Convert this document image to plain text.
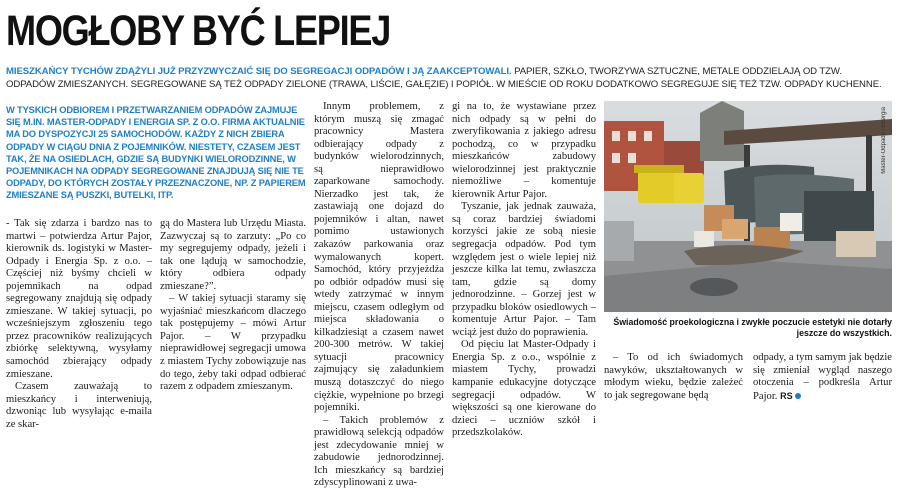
MOGŁOBY BYĆ LEPIEJ
MIESZKAŃCY TYCHÓW ZDĄŻYLI JUŻ PRZYZWYCZAIĆ SIĘ DO SEGREGACJI ODPADÓW I JĄ ZAAKCEPTOWALI. PAPIER, SZKŁO, TWORZYWA SZTUCZNE, METALE ODDZIELAJĄ OD TZW. ODPADÓW ZMIESZANYCH. SEGREGOWANE SĄ TEŻ ODPADY ZIELONE (TRAWA, LIŚCIE, GAŁĘZIE) I POPIÓŁ. W MIEŚCIE OD ROKU DODATKOWO SEGREGUJE SIĘ TEŻ TZW. ODPADY KUCHENNE.
W TYSKICH ODBIOREM I PRZETWARZANIEM ODPADÓW ZAJMUJE SIĘ M.IN. MASTER-ODPADY I ENERGIA SP. Z O.O. FIRMA AKTUALNIE MA DO DYSPOZYCJI 25 SAMOCHODÓW. KAŻDY Z NICH ZBIERA ODPADY W CIĄGU DNIA Z POJEMNIKÓW. NIESTETY, CZASEM JEST TAK, ŻE NA OSIEDLACH, GDZIE SĄ BUDYNKI WIELORODZINNE, W POJEMNIKACH NA ODPADY SEGREGOWANE ZNAJDUJĄ SIĘ NIE TE ODPADY, DO KTÓRYCH ZOSTAŁY PRZEZNACZONE, NP. Z PAPIEREM ZMIESZANE SĄ PUSZKI, BUTELKI, ITP.

- Tak się zdarza i bardzo nas to martwi – potwierdza Artur Pajor, kierownik ds. logistyki w Master-Odpady i Energia Sp. z o.o. – Częściej niż byśmy chcieli w pojemnikach na odpad segregowany znajdują się odpady zmieszane. W takiej sytuacji, po wcześniejszym zgłoszeniu tego przez pracowników realizujących zbiórkę selektywną, wysyłamy samochód zbierający odpady zmieszane.

Czasem zauważają to mieszkańcy i interweniują, dzwoniąc lub wysyłając e-maila ze skar-

gą do Mastera lub Urzędu Miasta. Zazwyczaj są to zarzuty: „Po co my segregujemy odpady, jeżeli i tak one lądują w samochodzie, który odbiera odpady zmieszane?”.

– W takiej sytuacji staramy się wyjaśniać mieszkańcom dlaczego tak postępujemy – mówi Artur Pajor. – W przypadku nieprawidłowej segregacji umowa z miastem Tychy zobowiązuje nas do tego, żeby taki odpad odbierać razem z odpadem zmieszanym.

Innym problemem, z którym muszą się zmagać pracownicy Mastera odbierający odpady z budynków wielorodzinnych, są nieprawidłowo zaparkowane samochody. Nierzadko jest tak, że zastawiają one dojazd do pojemników i altan, nawet pomimo ustawionych zakazów parkowania oraz wymalowanych kopert. Samochód, który przyjeżdża po odbiór odpadów musi się wtedy zatrzymać w innym miejscu, czasem odległym od miejsca składowania o kilkadziesiąt a czasem nawet 200-300 metrów. W takiej sytuacji pracownicy zajmujący się załadunkiem muszą dotaszczyć do niego ciężkie, wypełnione po brzegi pojemniki.

– Takich problemów z prawidłową selekcją odpadów jest zdecydowanie mniej w zabudowie jednorodzinnej. Ich mieszkańcy są bardziej zdyscyplinowani z uwa-

gi na to, że wystawiane przez nich odpady są w pełni do zweryfikowania z jakiego adresu pochodzą, co w przypadku mieszkańców zabudowy wielorodzinnej jest praktycznie niemożliwe – komentuje kierownik Artur Pajor.

Tyszanie, jak jednak zauważa, są coraz bardziej świadomi korzyści jakie ze sobą niesie segregacja odpadów. Pod tym względem jest o wiele lepiej niż jeszcze kilka lat temu, zwłaszcza tam, gdzie są domy jednorodzinne. – Gorzej jest w przypadku bloków osiedlowych – komentuje Artur Pajor. – Tam wciąż jest dużo do poprawienia.

Od pięciu lat Master-Odpady i Energia Sp. z o.o., wspólnie z miastem Tychy, prowadzi kampanie edukacyjne dotyczące segregacji odpadów. W większości są one kierowane do dzieci – uczniów szkół i przedszkolaków.

Master-Odpady i Energia
Świadomość proekologiczna i zwykłe poczucie estetyki nie dotarły jeszcze do wszystkich.

– To od ich świadomych nawyków, ukształtowanych w młodym wieku, będzie zależeć to jak segregowane będą

odpady, a tym samym jak będzie się zmieniał wygląd naszego otoczenia – podkreśla Artur Pajor. RS
